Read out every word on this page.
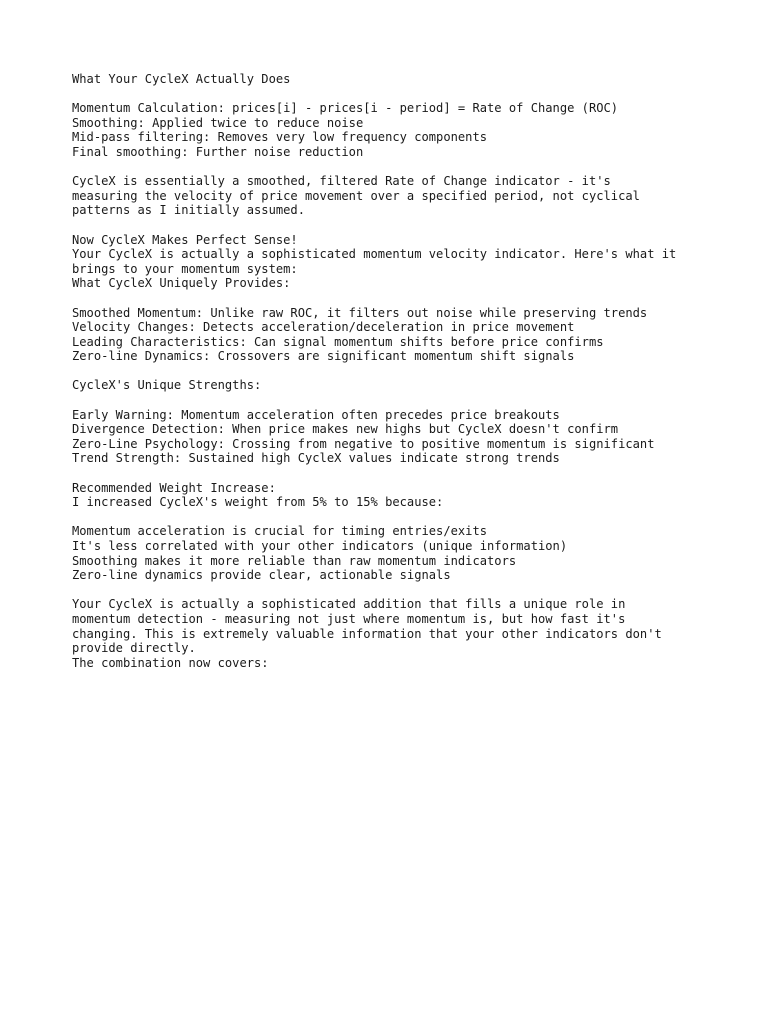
What Your CycleX Actually Does
Momentum Calculation: prices[i] - prices[i - period] = Rate of Change (ROC)
Smoothing: Applied twice to reduce noise
Mid-pass filtering: Removes very low frequency components
Final smoothing: Further noise reduction
CycleX is essentially a smoothed, filtered Rate of Change indicator - it's
measuring the velocity of price movement over a specified period, not cyclical
patterns as I initially assumed.
Now CycleX Makes Perfect Sense!
Your CycleX is actually a sophisticated momentum velocity indicator. Here's what it
brings to your momentum system:
What CycleX Uniquely Provides:
Smoothed Momentum: Unlike raw ROC, it filters out noise while preserving trends
Velocity Changes: Detects acceleration/deceleration in price movement
Leading Characteristics: Can signal momentum shifts before price confirms
Zero-line Dynamics: Crossovers are significant momentum shift signals
CycleX's Unique Strengths:
Early Warning: Momentum acceleration often precedes price breakouts
Divergence Detection: When price makes new highs but CycleX doesn't confirm
Zero-Line Psychology: Crossing from negative to positive momentum is significant
Trend Strength: Sustained high CycleX values indicate strong trends
Recommended Weight Increase:
I increased CycleX's weight from 5% to 15% because:
Momentum acceleration is crucial for timing entries/exits
It's less correlated with your other indicators (unique information)
Smoothing makes it more reliable than raw momentum indicators
Zero-line dynamics provide clear, actionable signals
Your CycleX is actually a sophisticated addition that fills a unique role in
momentum detection - measuring not just where momentum is, but how fast it's
changing. This is extremely valuable information that your other indicators don't
provide directly.
The combination now covers:
